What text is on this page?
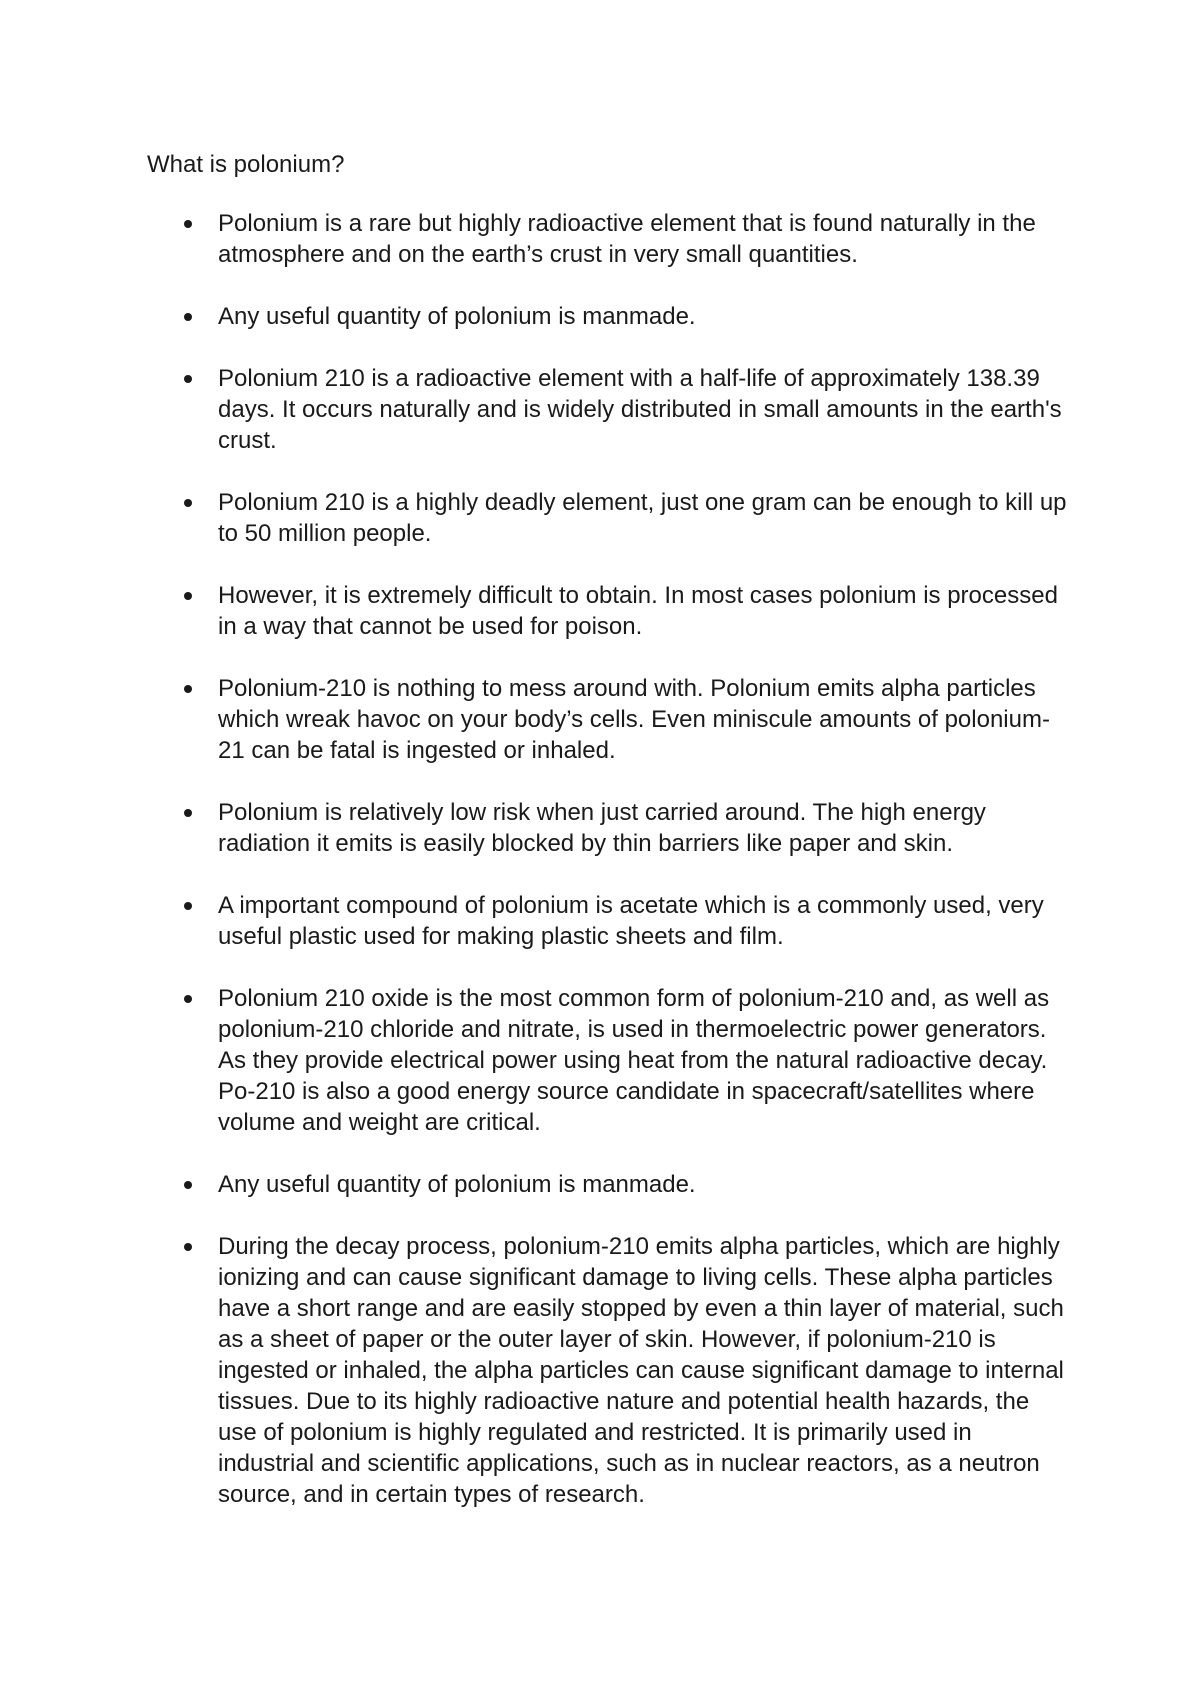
What is polonium?
Polonium is a rare but highly radioactive element that is found naturally in the atmosphere and on the earth’s crust in very small quantities.
Any useful quantity of polonium is manmade.
Polonium 210 is a radioactive element with a half-life of approximately 138.39 days. It occurs naturally and is widely distributed in small amounts in the earth's crust.
Polonium 210 is a highly deadly element, just one gram can be enough to kill up to 50 million people.
However, it is extremely difficult to obtain. In most cases polonium is processed in a way that cannot be used for poison.
Polonium-210 is nothing to mess around with. Polonium emits alpha particles which wreak havoc on your body’s cells. Even miniscule amounts of polonium-21 can be fatal is ingested or inhaled.
Polonium is relatively low risk when just carried around. The high energy radiation it emits is easily blocked by thin barriers like paper and skin.
A important compound of polonium is acetate which is a commonly used, very useful plastic used for making plastic sheets and film.
Polonium 210 oxide is the most common form of polonium-210 and, as well as polonium-210 chloride and nitrate, is used in thermoelectric power generators. As they provide electrical power using heat from the natural radioactive decay. Po-210 is also a good energy source candidate in spacecraft/satellites where volume and weight are critical.
Any useful quantity of polonium is manmade.
During the decay process, polonium-210 emits alpha particles, which are highly ionizing and can cause significant damage to living cells. These alpha particles have a short range and are easily stopped by even a thin layer of material, such as a sheet of paper or the outer layer of skin. However, if polonium-210 is ingested or inhaled, the alpha particles can cause significant damage to internal tissues. Due to its highly radioactive nature and potential health hazards, the use of polonium is highly regulated and restricted. It is primarily used in industrial and scientific applications, such as in nuclear reactors, as a neutron source, and in certain types of research.
